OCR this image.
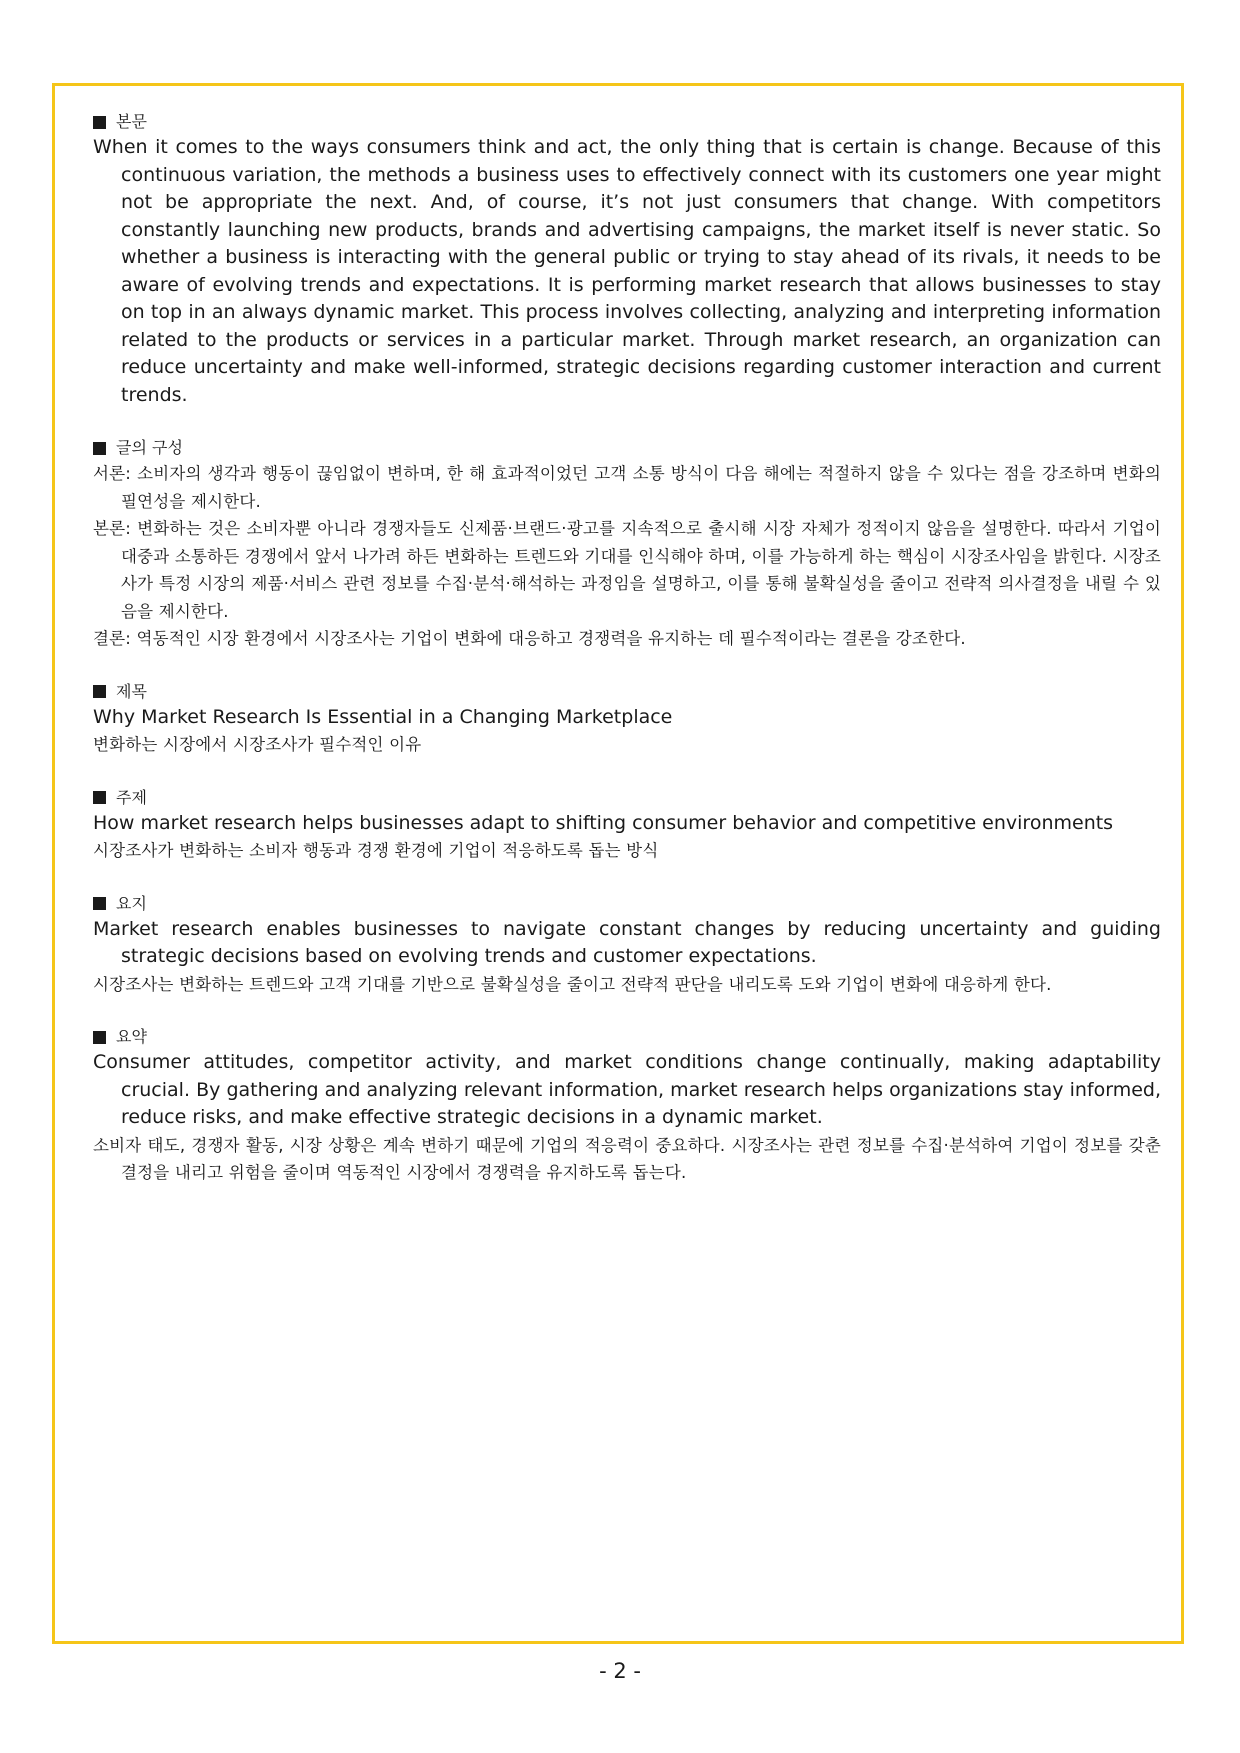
본문
When it comes to the ways consumers think and act, the only thing that is certain is change. Because of this continuous variation, the methods a business uses to effectively connect with its customers one year might not be appropriate the next. And, of course, it’s not just consumers that change. With competitors constantly launching new products, brands and advertising campaigns, the market itself is never static. So whether a business is interacting with the general public or trying to stay ahead of its rivals, it needs to be aware of evolving trends and expectations. It is performing market research that allows businesses to stay on top in an always dynamic market. This process involves collecting, analyzing and interpreting information related to the products or services in a particular market. Through market research, an organization can reduce uncertainty and make well-informed, strategic decisions regarding customer interaction and current trends.
글의 구성
서론: 소비자의 생각과 행동이 끊임없이 변하며, 한 해 효과적이었던 고객 소통 방식이 다음 해에는 적절하지 않을 수 있다는 점을 강조하며 변화의 필연성을 제시한다.
본론: 변화하는 것은 소비자뿐 아니라 경쟁자들도 신제품·브랜드·광고를 지속적으로 출시해 시장 자체가 정적이지 않음을 설명한다. 따라서 기업이 대중과 소통하든 경쟁에서 앞서 나가려 하든 변화하는 트렌드와 기대를 인식해야 하며, 이를 가능하게 하는 핵심이 시장조사임을 밝힌다. 시장조사가 특정 시장의 제품·서비스 관련 정보를 수집·분석·해석하는 과정임을 설명하고, 이를 통해 불확실성을 줄이고 전략적 의사결정을 내릴 수 있음을 제시한다.
결론: 역동적인 시장 환경에서 시장조사는 기업이 변화에 대응하고 경쟁력을 유지하는 데 필수적이라는 결론을 강조한다.
제목
Why Market Research Is Essential in a Changing Marketplace
변화하는 시장에서 시장조사가 필수적인 이유
주제
How market research helps businesses adapt to shifting consumer behavior and competitive environments
시장조사가 변화하는 소비자 행동과 경쟁 환경에 기업이 적응하도록 돕는 방식
요지
Market research enables businesses to navigate constant changes by reducing uncertainty and guiding strategic decisions based on evolving trends and customer expectations.
시장조사는 변화하는 트렌드와 고객 기대를 기반으로 불확실성을 줄이고 전략적 판단을 내리도록 도와 기업이 변화에 대응하게 한다.
요약
Consumer attitudes, competitor activity, and market conditions change continually, making adaptability crucial. By gathering and analyzing relevant information, market research helps organizations stay informed, reduce risks, and make effective strategic decisions in a dynamic market.
소비자 태도, 경쟁자 활동, 시장 상황은 계속 변하기 때문에 기업의 적응력이 중요하다. 시장조사는 관련 정보를 수집·분석하여 기업이 정보를 갖춘 결정을 내리고 위험을 줄이며 역동적인 시장에서 경쟁력을 유지하도록 돕는다.
- 2 -
